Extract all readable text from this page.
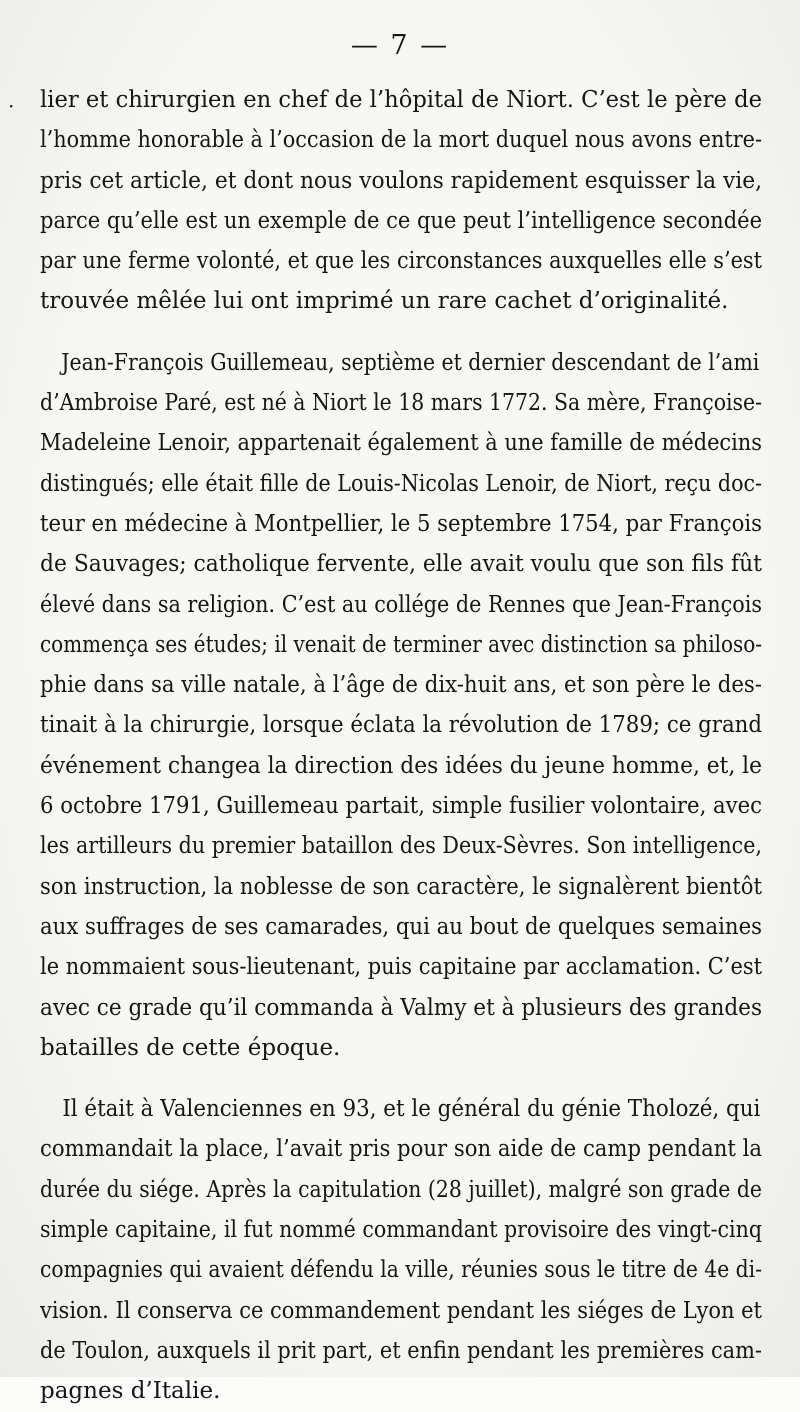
— 7 —
· lier et chirurgien en chef de l’hôpital de Niort. C’est le père de
l’homme honorable à l’occasion de la mort duquel nous avons entre-
pris cet article, et dont nous voulons rapidement esquisser la vie,
parce qu’elle est un exemple de ce que peut l’intelligence secondée
par une ferme volonté, et que les circonstances auxquelles elle s’est
trouvée mêlée lui ont imprimé un rare cachet d’originalité.
Jean-François Guillemeau, septième et dernier descendant de l’ami
d’Ambroise Paré, est né à Niort le 18 mars 1772. Sa mère, Françoise-
Madeleine Lenoir, appartenait également à une famille de médecins
distingués; elle était fille de Louis-Nicolas Lenoir, de Niort, reçu doc-
teur en médecine à Montpellier, le 5 septembre 1754, par François
de Sauvages; catholique fervente, elle avait voulu que son fils fût
élevé dans sa religion. C’est au collége de Rennes que Jean-François
commença ses études; il venait de terminer avec distinction sa philoso-
phie dans sa ville natale, à l’âge de dix-huit ans, et son père le des-
tinait à la chirurgie, lorsque éclata la révolution de 1789; ce grand
événement changea la direction des idées du jeune homme, et, le
6 octobre 1791, Guillemeau partait, simple fusilier volontaire, avec
les artilleurs du premier bataillon des Deux-Sèvres. Son intelligence,
son instruction, la noblesse de son caractère, le signalèrent bientôt
aux suffrages de ses camarades, qui au bout de quelques semaines
le nommaient sous-lieutenant, puis capitaine par acclamation. C’est
avec ce grade qu’il commanda à Valmy et à plusieurs des grandes
batailles de cette époque.
Il était à Valenciennes en 93, et le général du génie Tholozé, qui
commandait la place, l’avait pris pour son aide de camp pendant la
durée du siége. Après la capitulation (28 juillet), malgré son grade de
simple capitaine, il fut nommé commandant provisoire des vingt-cinq
compagnies qui avaient défendu la ville, réunies sous le titre de 4e di-
vision. Il conserva ce commandement pendant les siéges de Lyon et
de Toulon, auxquels il prit part, et enfin pendant les premières cam-
pagnes d’Italie.
